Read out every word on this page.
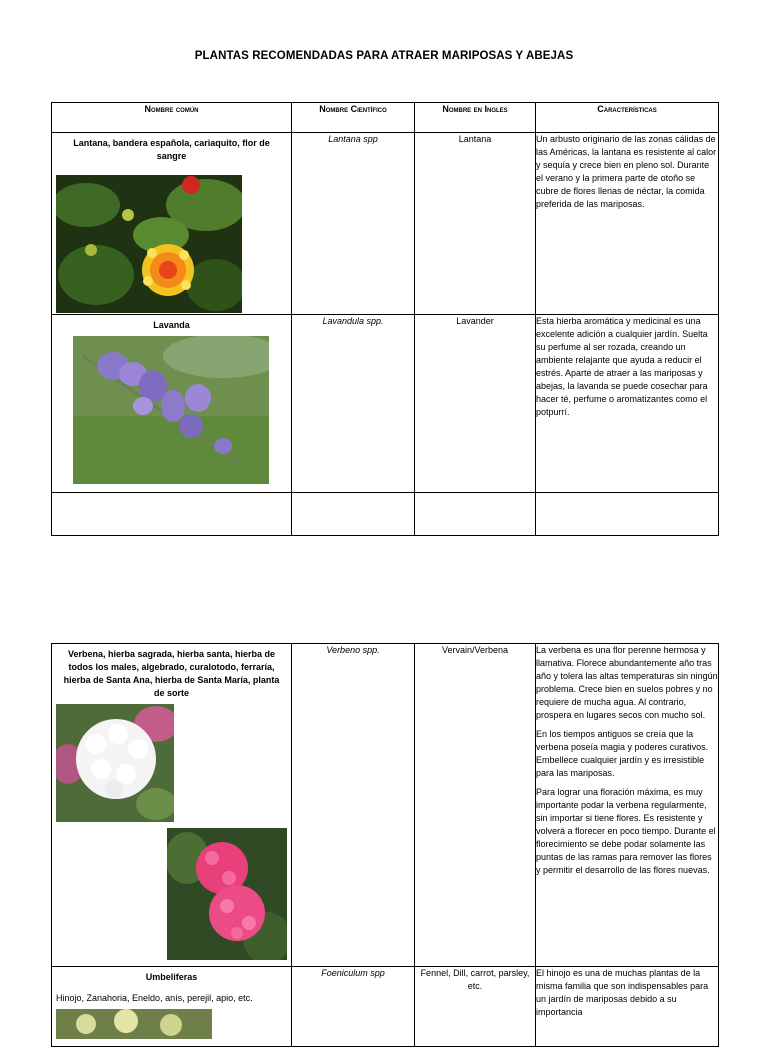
PLANTAS RECOMENDADAS PARA ATRAER MARIPOSAS Y ABEJAS
Nombre común	Nombre Científico	Nombre en Ingles	Características

Lantana, bandera española, cariaquito, flor de sangre	Lantana spp	Lantana	Un arbusto originario de las zonas cálidas de las Américas, la lantana es resistente al calor y sequía y crece bien en pleno sol. Durante el verano y la primera parte de otoño se cubre de flores llenas de néctar, la comida preferida de las mariposas.

Lavanda	Lavandula spp.	Lavander	Esta hierba aromática y medicinal es una excelente adición a cualquier jardín. Suelta su perfume al ser rozada, creando un ambiente relajante que ayuda a reducir el estrés. Aparte de atraer a las mariposas y abejas, la lavanda se puede cosechar para hacer té, perfume o aromatizantes como el potpurrí.

Verbena, hierba sagrada, hierba santa, hierba de todos los males, algebrado, curalotodo, ferraría, hierba de Santa Ana, hierba de Santa María, planta de sorte	Verbeno spp.	Vervain/Verbena	La verbena es una flor perenne hermosa y llamativa. Florece abundantemente año tras año y tolera las altas temperaturas sin ningún problema. Crece bien en suelos pobres y no requiere de mucha agua. Al contrario, prospera en lugares secos con mucho sol.

En los tiempos antiguos se creía que la verbena poseía magia y poderes curativos. Embellece cualquier jardín y es irresistible para las mariposas.

Para lograr una floración máxima, es muy importante podar la verbena regularmente, sin importar si tiene flores. Es resistente y volverá a florecer en poco tiempo. Durante el florecimiento se debe podar solamente las puntas de las ramas para remover las flores y permitir el desarrollo de las flores nuevas.

Umbeliferas
Hinojo, Zanahoria, Eneldo, anís, perejil, apio, etc.	Foeniculum spp	Fennel, Dill, carrot, parsley, etc.	El hinojo es una de muchas plantas de la misma familia que son indispensables para un jardín de mariposas debido a su importancia
